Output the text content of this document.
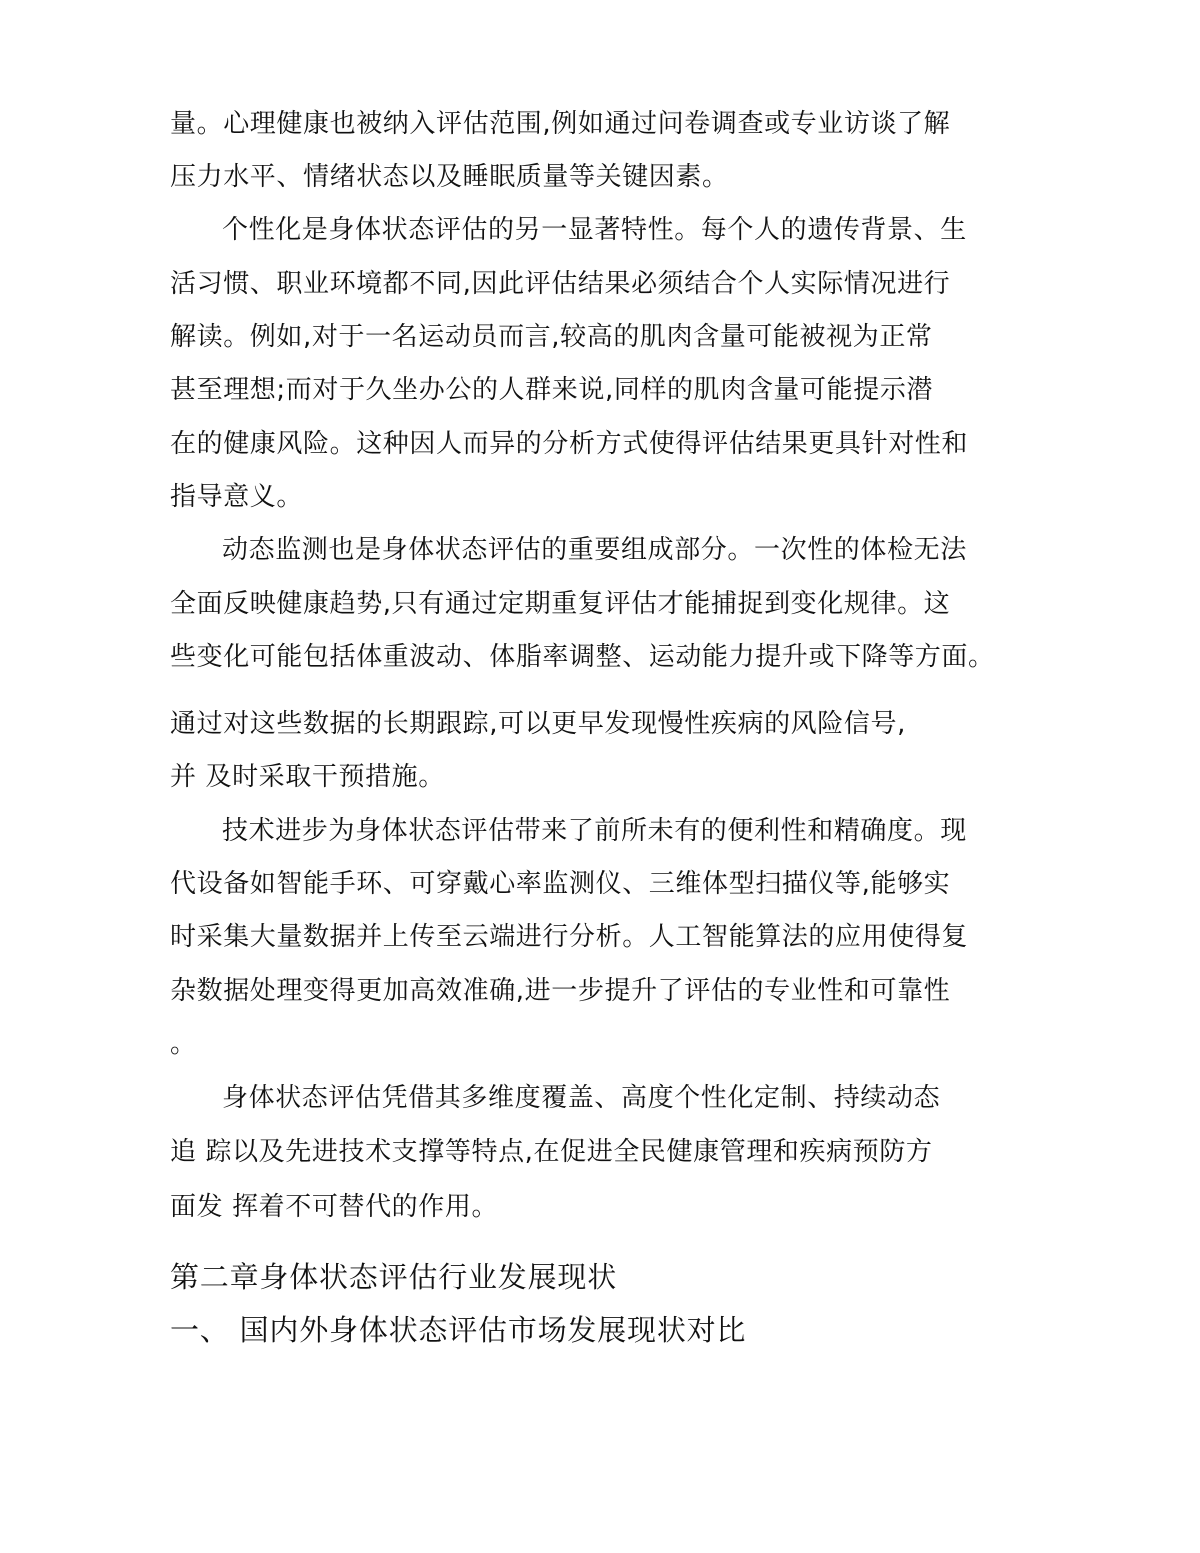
量。心理健康也被纳入评估范围,例如通过问卷调查或专业访谈了解
压力水平、情绪状态以及睡眠质量等关键因素。
个性化是身体状态评估的另一显著特性。每个人的遗传背景、生
活习惯、职业环境都不同,因此评估结果必须结合个人实际情况进行
解读。例如,对于一名运动员而言,较高的肌肉含量可能被视为正常
甚至理想;而对于久坐办公的人群来说,同样的肌肉含量可能提示潜
在的健康风险。这种因人而异的分析方式使得评估结果更具针对性和
指导意义。
动态监测也是身体状态评估的重要组成部分。一次性的体检无法
全面反映健康趋势,只有通过定期重复评估才能捕捉到变化规律。这
些变化可能包括体重波动、体脂率调整、运动能力提升或下降等方面。
通过对这些数据的长期跟踪,可以更早发现慢性疾病的风险信号,
并 及时采取干预措施。
技术进步为身体状态评估带来了前所未有的便利性和精确度。现
代设备如智能手环、可穿戴心率监测仪、三维体型扫描仪等,能够实
时采集大量数据并上传至云端进行分析。人工智能算法的应用使得复
杂数据处理变得更加高效准确,进一步提升了评估的专业性和可靠性
。
身体状态评估凭借其多维度覆盖、高度个性化定制、持续动态
追 踪以及先进技术支撑等特点,在促进全民健康管理和疾病预防方
面发 挥着不可替代的作用。
第二章身体状态评估行业发展现状
一、 国内外身体状态评估市场发展现状对比
